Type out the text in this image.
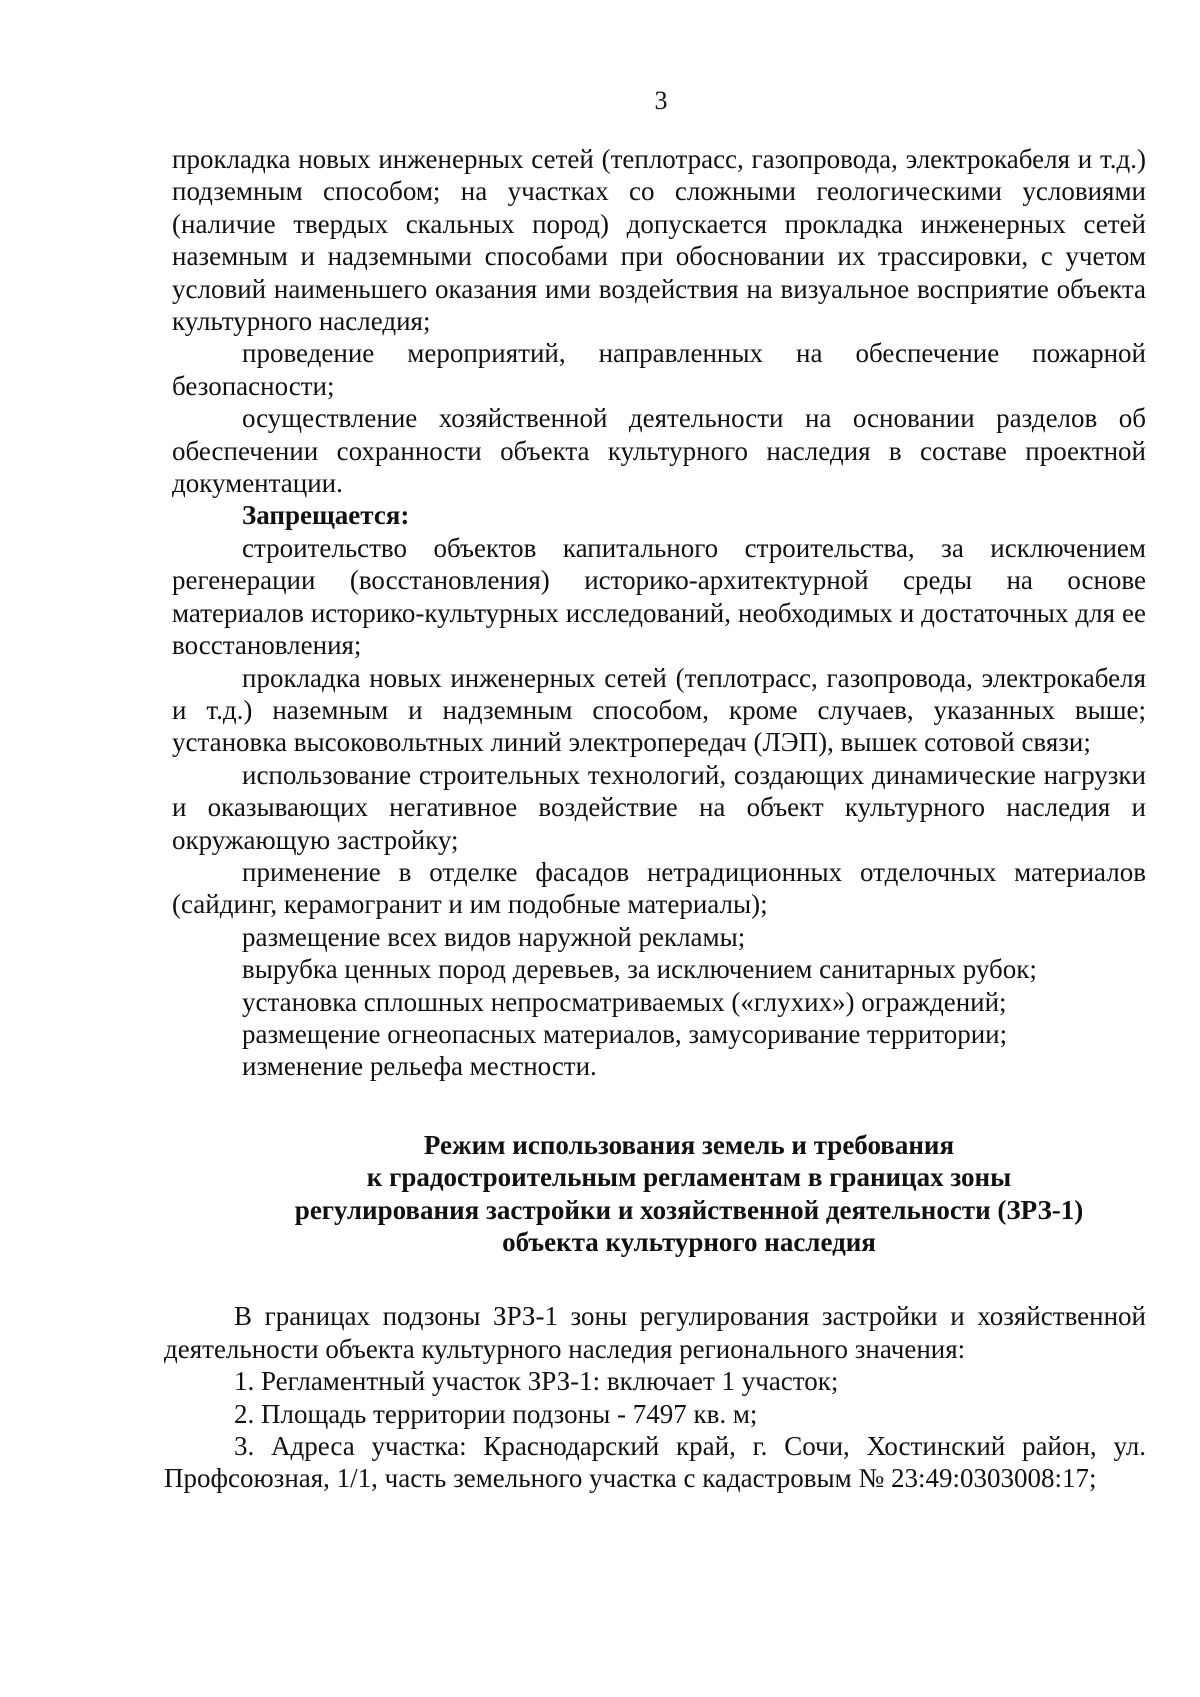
3

прокладка новых инженерных сетей (теплотрасс, газопровода, электрокабеля и т.д.) подземным способом; на участках со сложными геологическими условиями (наличие твердых скальных пород) допускается прокладка инженерных сетей наземным и надземными способами при обосновании их трассировки, с учетом условий наименьшего оказания ими воздействия на визуальное восприятие объекта культурного наследия;

проведение мероприятий, направленных на обеспечение пожарной безопасности;

осуществление хозяйственной деятельности на основании разделов об обеспечении сохранности объекта культурного наследия в составе проектной документации.

Запрещается:

строительство объектов капитального строительства, за исключением регенерации (восстановления) историко-архитектурной среды на основе материалов историко-культурных исследований, необходимых и достаточных для ее восстановления;

прокладка новых инженерных сетей (теплотрасс, газопровода, электрокабеля и т.д.) наземным и надземным способом, кроме случаев, указанных выше; установка высоковольтных линий электропередач (ЛЭП), вышек сотовой связи;

использование строительных технологий, создающих динамические нагрузки и оказывающих негативное воздействие на объект культурного наследия и окружающую застройку;

применение в отделке фасадов нетрадиционных отделочных материалов (сайдинг, керамогранит и им подобные материалы);

размещение всех видов наружной рекламы;

вырубка ценных пород деревьев, за исключением санитарных рубок;

установка сплошных непросматриваемых («глухих») ограждений;

размещение огнеопасных материалов, замусоривание территории;

изменение рельефа местности.

Режим использования земель и требования
к градостроительным регламентам в границах зоны
регулирования застройки и хозяйственной деятельности (ЗРЗ-1)
объекта культурного наследия

В границах подзоны ЗРЗ-1 зоны регулирования застройки и хозяйственной деятельности объекта культурного наследия регионального значения:

1. Регламентный участок ЗРЗ-1: включает 1 участок;

2. Площадь территории подзоны - 7497 кв. м;

3. Адреса участка: Краснодарский край, г. Сочи, Хостинский район, ул. Профсоюзная, 1/1, часть земельного участка с кадастровым № 23:49:0303008:17;
